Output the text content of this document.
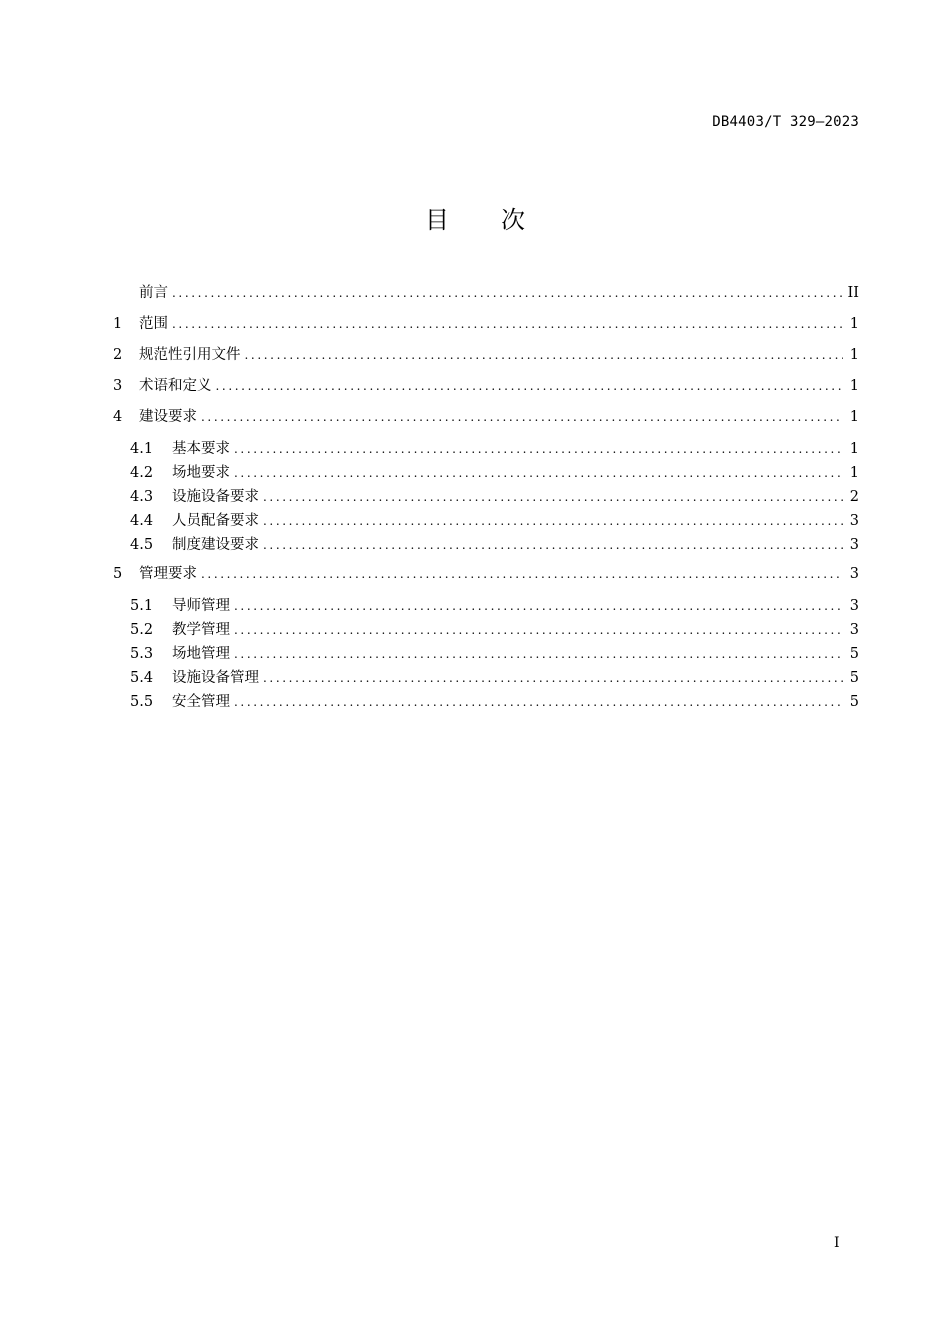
DB4403/T 329—2023
目次
前言 .....	II
1	范围 .....	1
2	规范性引用文件 .....	1
3	术语和定义 .....	1
4	建设要求 .....	1
4.1	基本要求 .....	1
4.2	场地要求 .....	1
4.3	设施设备要求 .....	2
4.4	人员配备要求 .....	3
4.5	制度建设要求 .....	3
5	管理要求 .....	3
5.1	导师管理 .....	3
5.2	教学管理 .....	3
5.3	场地管理 .....	5
5.4	设施设备管理 .....	5
5.5	安全管理 .....	5
I
